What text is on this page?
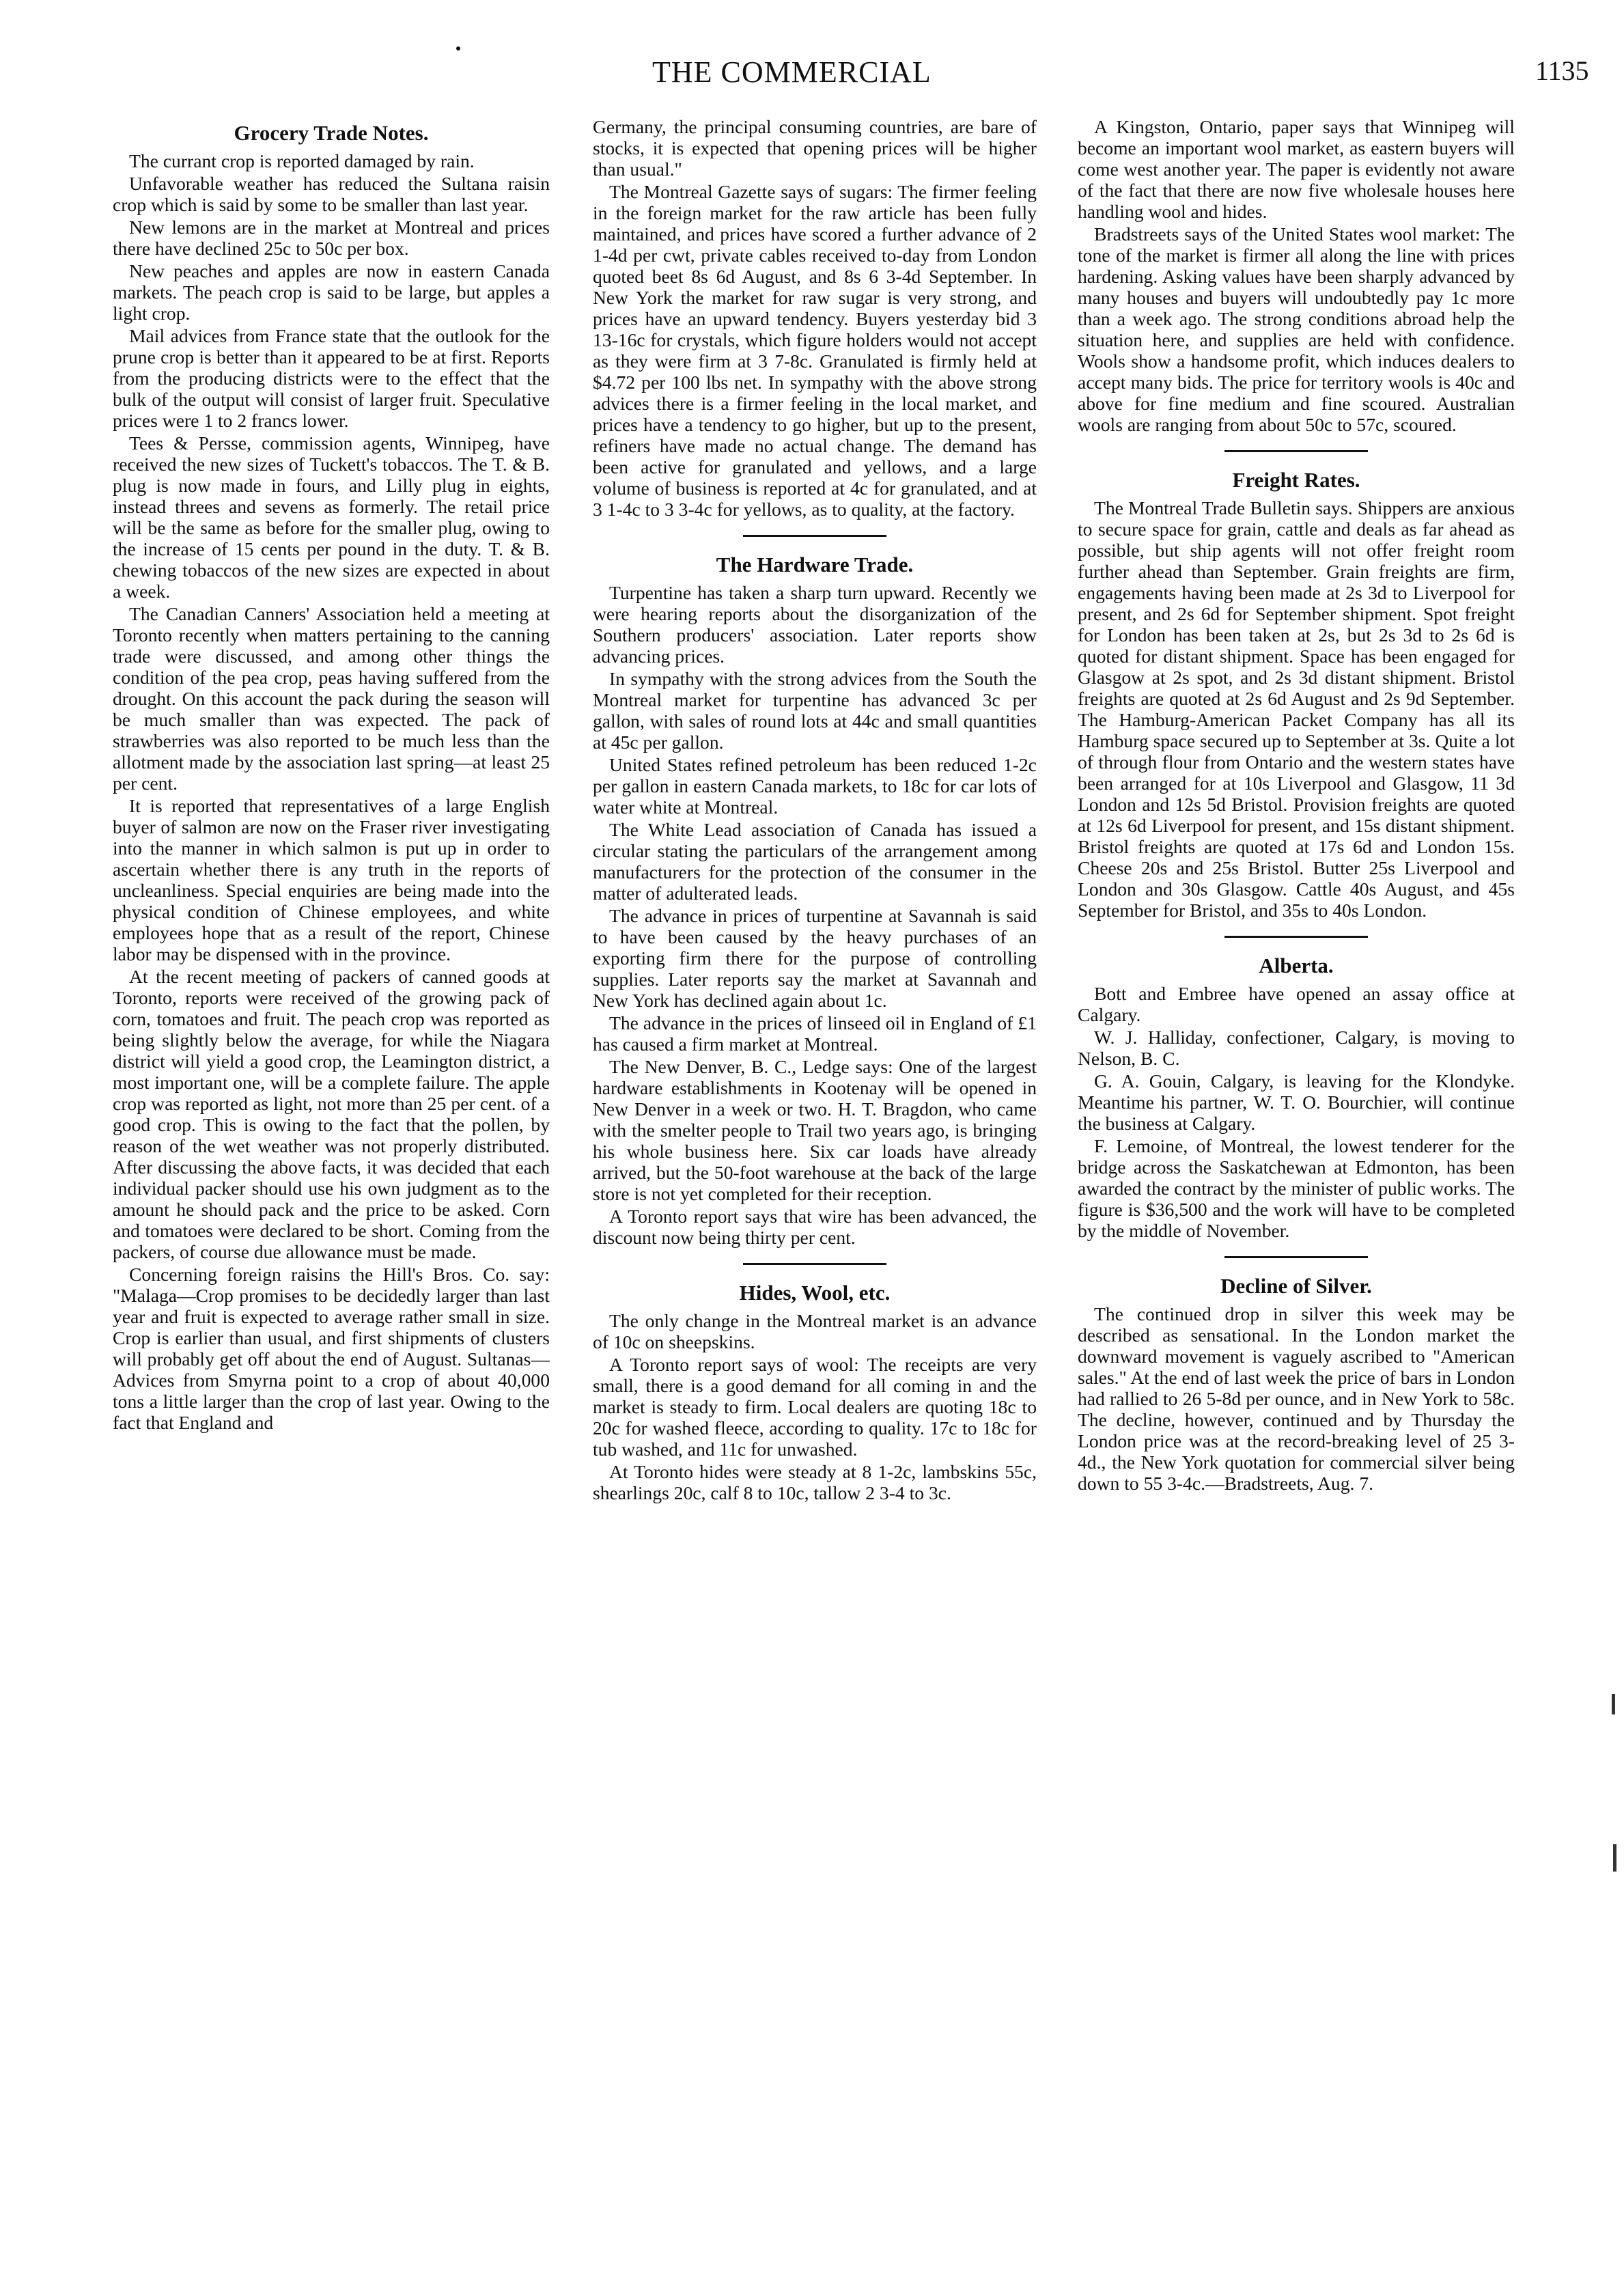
THE COMMERCIAL	1135
Grocery Trade Notes.

The currant crop is reported damaged by rain.

Unfavorable weather has reduced the Sultana raisin crop which is said by some to be smaller than last year.

New lemons are in the market at Montreal and prices there have declined 25c to 50c per box.

New peaches and apples are now in eastern Canada markets. The peach crop is said to be large, but apples a light crop.

Mail advices from France state that the outlook for the prune crop is better than it appeared to be at first. Reports from the producing districts were to the effect that the bulk of the output will consist of larger fruit. Speculative prices were 1 to 2 francs lower.

Tees & Persse, commission agents, Winnipeg, have received the new sizes of Tuckett's tobaccos. The T. & B. plug is now made in fours, and Lilly plug in eights, instead threes and sevens as formerly. The retail price will be the same as before for the smaller plug, owing to the increase of 15 cents per pound in the duty. T. & B. chewing tobaccos of the new sizes are expected in about a week.

The Canadian Canners' Association held a meeting at Toronto recently when matters pertaining to the canning trade were discussed, and among other things the condition of the pea crop, peas having suffered from the drought. On this account the pack during the season will be much smaller than was expected. The pack of strawberries was also reported to be much less than the allotment made by the association last spring—at least 25 per cent.

It is reported that representatives of a large English buyer of salmon are now on the Fraser river investigating into the manner in which salmon is put up in order to ascertain whether there is any truth in the reports of uncleanliness. Special enquiries are being made into the physical condition of Chinese employees, and white employees hope that as a result of the report, Chinese labor may be dispensed with in the province.

At the recent meeting of packers of canned goods at Toronto, reports were received of the growing pack of corn, tomatoes and fruit. The peach crop was reported as being slightly below the average, for while the Niagara district will yield a good crop, the Leamington district, a most important one, will be a complete failure. The apple crop was reported as light, not more than 25 per cent. of a good crop. This is owing to the fact that the pollen, by reason of the wet weather was not properly distributed. After discussing the above facts, it was decided that each individual packer should use his own judgment as to the amount he should pack and the price to be asked. Corn and tomatoes were declared to be short. Coming from the packers, of course due allowance must be made.

Concerning foreign raisins the Hill's Bros. Co. say: "Malaga—Crop promises to be decidedly larger than last year and fruit is expected to average rather small in size. Crop is earlier than usual, and first shipments of clusters will probably get off about the end of August. Sultanas—Advices from Smyrna point to a crop of about 40,000 tons a little larger than the crop of last year. Owing to the fact that England and

Germany, the principal consuming countries, are bare of stocks, it is expected that opening prices will be higher than usual."

The Montreal Gazette says of sugars: The firmer feeling in the foreign market for the raw article has been fully maintained, and prices have scored a further advance of 2 1-4d per cwt, private cables received to-day from London quoted beet 8s 6d August, and 8s 6 3-4d September. In New York the market for raw sugar is very strong, and prices have an upward tendency. Buyers yesterday bid 3 13-16c for crystals, which figure holders would not accept as they were firm at 3 7-8c. Granulated is firmly held at $4.72 per 100 lbs net. In sympathy with the above strong advices there is a firmer feeling in the local market, and prices have a tendency to go higher, but up to the present, refiners have made no actual change. The demand has been active for granulated and yellows, and a large volume of business is reported at 4c for granulated, and at 3 1-4c to 3 3-4c for yellows, as to quality, at the factory.

The Hardware Trade.

Turpentine has taken a sharp turn upward. Recently we were hearing reports about the disorganization of the Southern producers' association. Later reports show advancing prices.

In sympathy with the strong advices from the South the Montreal market for turpentine has advanced 3c per gallon, with sales of round lots at 44c and small quantities at 45c per gallon.

United States refined petroleum has been reduced 1-2c per gallon in eastern Canada markets, to 18c for car lots of water white at Montreal.

The White Lead association of Canada has issued a circular stating the particulars of the arrangement among manufacturers for the protection of the consumer in the matter of adulterated leads.

The advance in prices of turpentine at Savannah is said to have been caused by the heavy purchases of an exporting firm there for the purpose of controlling supplies. Later reports say the market at Savannah and New York has declined again about 1c.

The advance in the prices of linseed oil in England of £1 has caused a firm market at Montreal.

The New Denver, B. C., Ledge says: One of the largest hardware establishments in Kootenay will be opened in New Denver in a week or two. H. T. Bragdon, who came with the smelter people to Trail two years ago, is bringing his whole business here. Six car loads have already arrived, but the 50-foot warehouse at the back of the large store is not yet completed for their reception.

A Toronto report says that wire has been advanced, the discount now being thirty per cent.

Hides, Wool, etc.

The only change in the Montreal market is an advance of 10c on sheepskins.

A Toronto report says of wool: The receipts are very small, there is a good demand for all coming in and the market is steady to firm. Local dealers are quoting 18c to 20c for washed fleece, according to quality. 17c to 18c for tub washed, and 11c for unwashed.

At Toronto hides were steady at 8 1-2c, lambskins 55c, shearlings 20c, calf 8 to 10c, tallow 2 3-4 to 3c.

A Kingston, Ontario, paper says that Winnipeg will become an important wool market, as eastern buyers will come west another year. The paper is evidently not aware of the fact that there are now five wholesale houses here handling wool and hides.

Bradstreets says of the United States wool market: The tone of the market is firmer all along the line with prices hardening. Asking values have been sharply advanced by many houses and buyers will undoubtedly pay 1c more than a week ago. The strong conditions abroad help the situation here, and supplies are held with confidence. Wools show a handsome profit, which induces dealers to accept many bids. The price for territory wools is 40c and above for fine medium and fine scoured. Australian wools are ranging from about 50c to 57c, scoured.

Freight Rates.

The Montreal Trade Bulletin says. Shippers are anxious to secure space for grain, cattle and deals as far ahead as possible, but ship agents will not offer freight room further ahead than September. Grain freights are firm, engagements having been made at 2s 3d to Liverpool for present, and 2s 6d for September shipment. Spot freight for London has been taken at 2s, but 2s 3d to 2s 6d is quoted for distant shipment. Space has been engaged for Glasgow at 2s spot, and 2s 3d distant shipment. Bristol freights are quoted at 2s 6d August and 2s 9d September. The Hamburg-American Packet Company has all its Hamburg space secured up to September at 3s. Quite a lot of through flour from Ontario and the western states have been arranged for at 10s Liverpool and Glasgow, 11 3d London and 12s 5d Bristol. Provision freights are quoted at 12s 6d Liverpool for present, and 15s distant shipment. Bristol freights are quoted at 17s 6d and London 15s. Cheese 20s and 25s Bristol. Butter 25s Liverpool and London and 30s Glasgow. Cattle 40s August, and 45s September for Bristol, and 35s to 40s London.

Alberta.

Bott and Embree have opened an assay office at Calgary.

W. J. Halliday, confectioner, Calgary, is moving to Nelson, B. C.

G. A. Gouin, Calgary, is leaving for the Klondyke. Meantime his partner, W. T. O. Bourchier, will continue the business at Calgary.

F. Lemoine, of Montreal, the lowest tenderer for the bridge across the Saskatchewan at Edmonton, has been awarded the contract by the minister of public works. The figure is $36,500 and the work will have to be completed by the middle of November.

Decline of Silver.

The continued drop in silver this week may be described as sensational. In the London market the downward movement is vaguely ascribed to "American sales." At the end of last week the price of bars in London had rallied to 26 5-8d per ounce, and in New York to 58c. The decline, however, continued and by Thursday the London price was at the record-breaking level of 25 3-4d., the New York quotation for commercial silver being down to 55 3-4c.—Bradstreets, Aug. 7.
